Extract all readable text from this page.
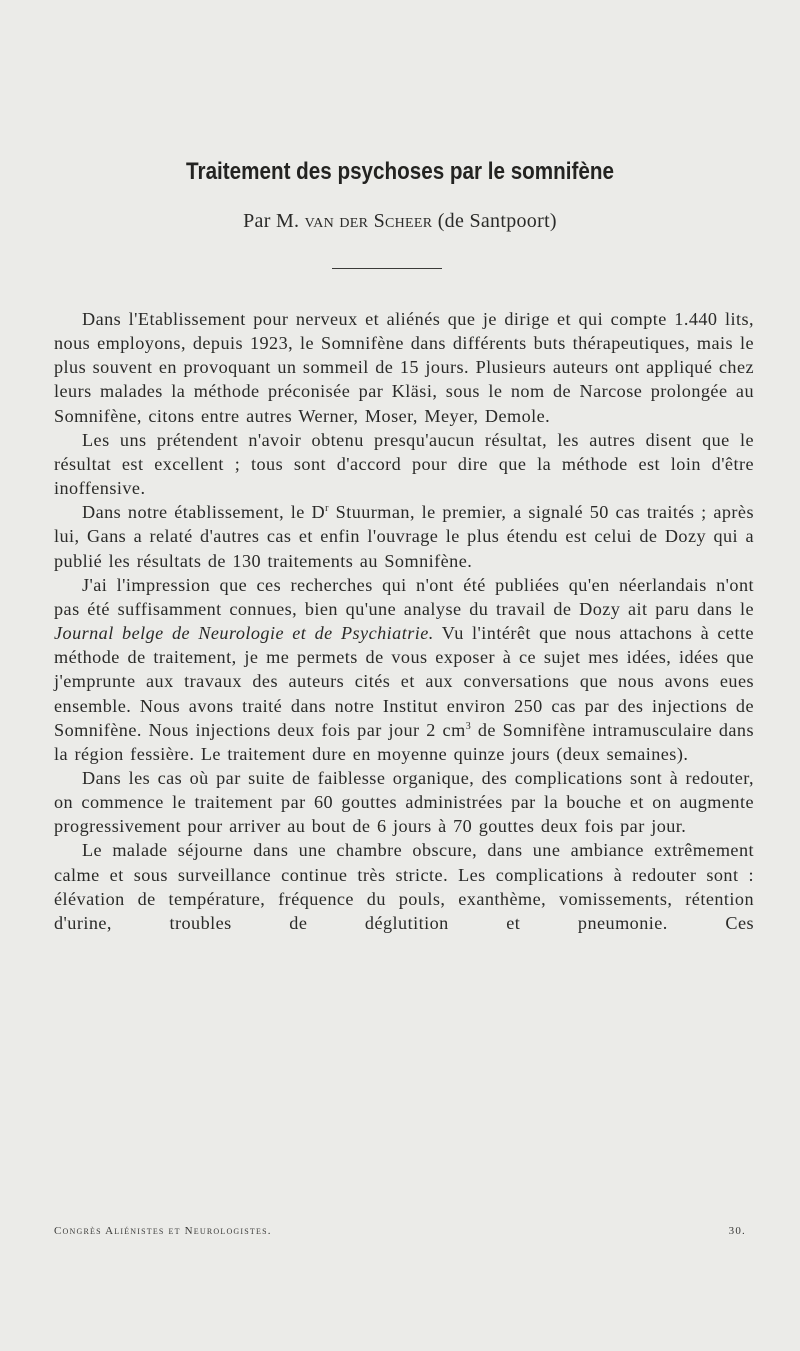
Traitement des psychoses par le somnifène
Par M. van der Scheer (de Santpoort)

Dans l'Etablissement pour nerveux et aliénés que je dirige et qui compte 1.440 lits, nous employons, depuis 1923, le Somnifène dans différents buts thérapeutiques, mais le plus souvent en provoquant un sommeil de 15 jours. Plusieurs auteurs ont appliqué chez leurs malades la méthode préconisée par Kläsi, sous le nom de Narcose prolongée au Somnifène, citons entre autres Werner, Moser, Meyer, Demole.

Les uns prétendent n'avoir obtenu presqu'aucun résultat, les autres disent que le résultat est excellent ; tous sont d'accord pour dire que la méthode est loin d'être inoffensive.

Dans notre établissement, le $D^r$ Stuurman, le premier, a signalé 50 cas traités ; après lui, Gans a relaté d'autres cas et enfin l'ouvrage le plus étendu est celui de Dozy qui a publié les résultats de 130 traitements au Somnifène.

J'ai l'impression que ces recherches qui n'ont été publiées qu'en néerlandais n'ont pas été suffisamment connues, bien qu'une analyse du travail de Dozy ait paru dans le Journal belge de Neurologie et de Psychiatrie. Vu l'intérêt que nous attachons à cette méthode de traitement, je me permets de vous exposer à ce sujet mes idées, idées que j'emprunte aux travaux des auteurs cités et aux conversations que nous avons eues ensemble. Nous avons traité dans notre Institut environ 250 cas par des injections de Somnifène. Nous injections deux fois par jour 2 $cm^3$ de Somnifène intramusculaire dans la région fessière. Le traitement dure en moyenne quinze jours (deux semaines).

Dans les cas où par suite de faiblesse organique, des complications sont à redouter, on commence le traitement par 60 gouttes administrées par la bouche et on augmente progressivement pour arriver au bout de 6 jours à 70 gouttes deux fois par jour.

Le malade séjourne dans une chambre obscure, dans une ambiance extrêmement calme et sous surveillance continue très stricte. Les complications à redouter sont : élévation de température, fréquence du pouls, exanthème, vomissements, rétention d'urine, troubles de déglutition et pneumonie. Ces

Congrès Aliénistes et Neurologistes.	30.
